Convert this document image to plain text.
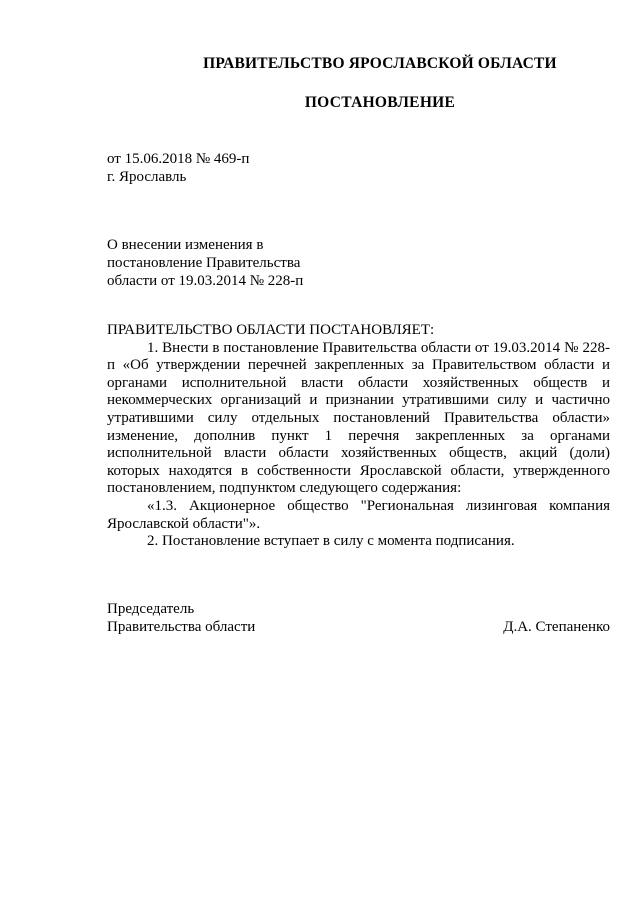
ПРАВИТЕЛЬСТВО ЯРОСЛАВСКОЙ ОБЛАСТИ
ПОСТАНОВЛЕНИЕ
от 15.06.2018 № 469-п
г. Ярославль
О внесении изменения в
постановление Правительства
области от 19.03.2014 № 228-п

ПРАВИТЕЛЬСТВО ОБЛАСТИ ПОСТАНОВЛЯЕТ:

1. Внести в постановление Правительства области от 19.03.2014 № 228-п «Об утверждении перечней закрепленных за Правительством области и органами исполнительной власти области хозяйственных обществ и некоммерческих организаций и признании утратившими силу и частично утратившими силу отдельных постановлений Правительства области» изменение, дополнив пункт 1 перечня закрепленных за органами исполнительной власти области хозяйственных обществ, акций (доли) которых находятся в собственности Ярославской области, утвержденного постановлением, подпунктом следующего содержания:

«1.3. Акционерное общество "Региональная лизинговая компания Ярославской области"».

2. Постановление вступает в силу с момента подписания.

Председатель
Правительства области	Д.А. Степаненко
